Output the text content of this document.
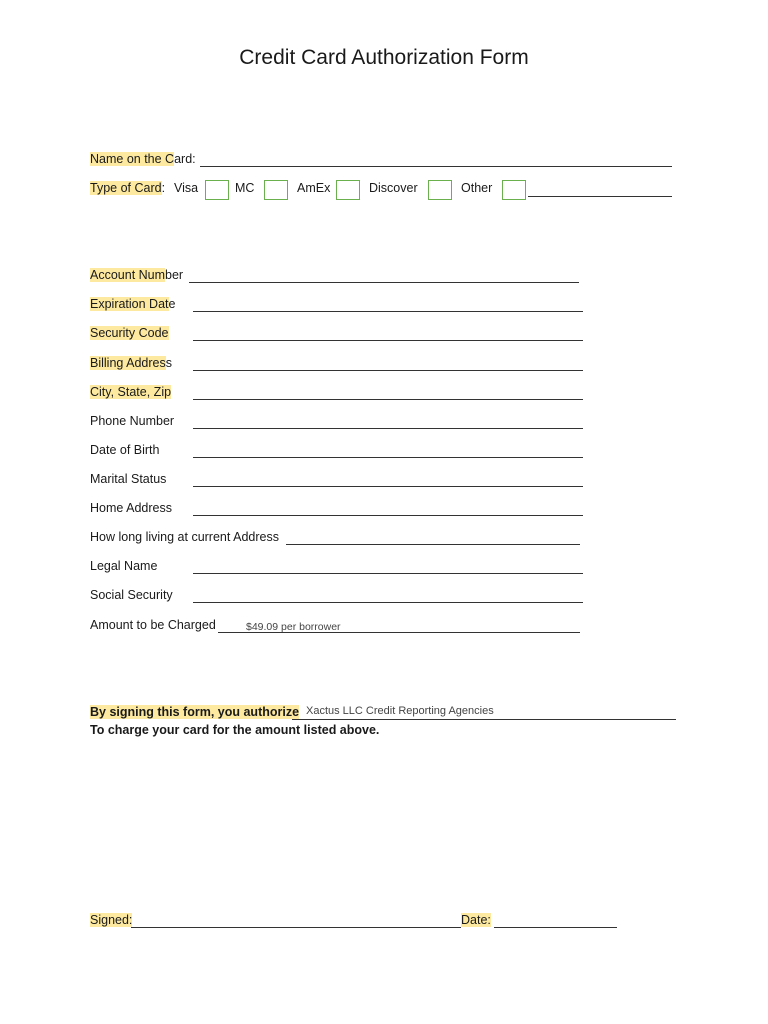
Credit Card Authorization Form
Name on the Card:
Type of Card: Visa	MC	AmEx	Discover	Other
Account Number
Expiration Date
Security Code
Billing Address
City, State, Zip
Phone Number
Date of Birth
Marital Status
Home Address
How long living at current Address
Legal Name
Social Security
Amount to be Charged	$49.09 per borrower
By signing this form, you authorize Xactus LLC Credit Reporting Agencies
To charge your card for the amount listed above.
Signed:	Date:
